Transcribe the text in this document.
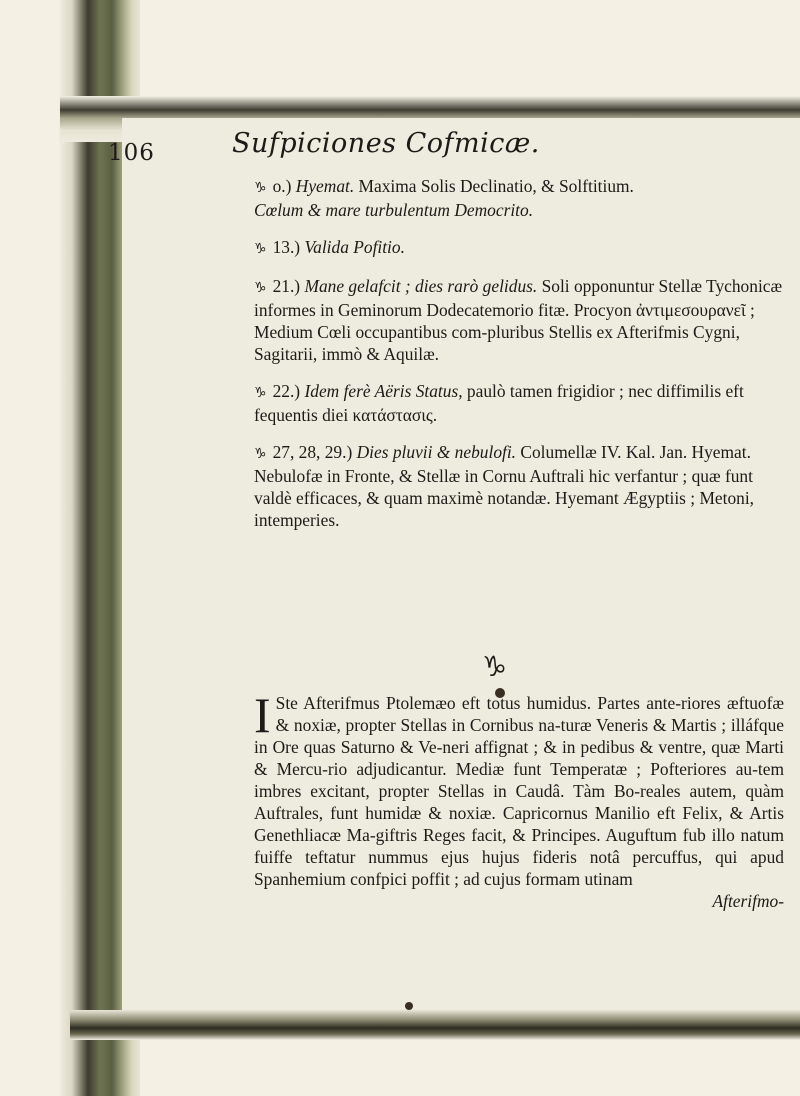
106	Sufpiciones Cofmicæ.

♑ o.) Hyemat. Maxima Solis Declinatio, & Solftitium.

Cœlum & mare turbulentum Democrito.

♑ 13.) Valida Pofitio.

♑ 21.) Mane gelafcit ; dies rarò gelidus. Soli opponuntur Stellæ Tychonicæ informes in Geminorum Dodecatemorio fitæ. Procyon ἀντιμεσουρανεῖ ; Medium Cœli occupantibus com-pluribus Stellis ex Afterifmis Cygni, Sagitarii, immò & Aquilæ.

♑ 22.) Idem ferè Aëris Status, paulò tamen frigidior ; nec diffimilis eft fequentis diei κατάστασις.

♑ 27, 28, 29.) Dies pluvii & nebulofi. Columellæ IV. Kal. Jan. Hyemat. Nebulofæ in Fronte, & Stellæ in Cornu Auftrali hic verfantur ; quæ funt valdè efficaces, & quam maximè notandæ. Hyemant Ægyptiis ; Metoni, intemperies.

♑
I Ste Afterifmus Ptolemæo eft totus humidus. Partes ante-riores æftuofæ & noxiæ, propter Stellas in Cornibus na-turæ Veneris & Martis ; illáfque in Ore quas Saturno & Ve-neri affignat ; & in pedibus & ventre, quæ Marti & Mercu-rio adjudicantur. Mediæ funt Temperatæ ; Pofteriores au-tem imbres excitant, propter Stellas in Caudâ. Tàm Bo-reales autem, quàm Auftrales, funt humidæ & noxiæ. Capricornus Manilio eft Felix, & Artis Genethliacæ Ma-giftris Reges facit, & Principes. Auguftum fub illo natum fuiffe teftatur nummus ejus hujus fideris notâ percuffus, qui apud Spanhemium confpici poffit ; ad cujus formam utinam
Afterifmo-
